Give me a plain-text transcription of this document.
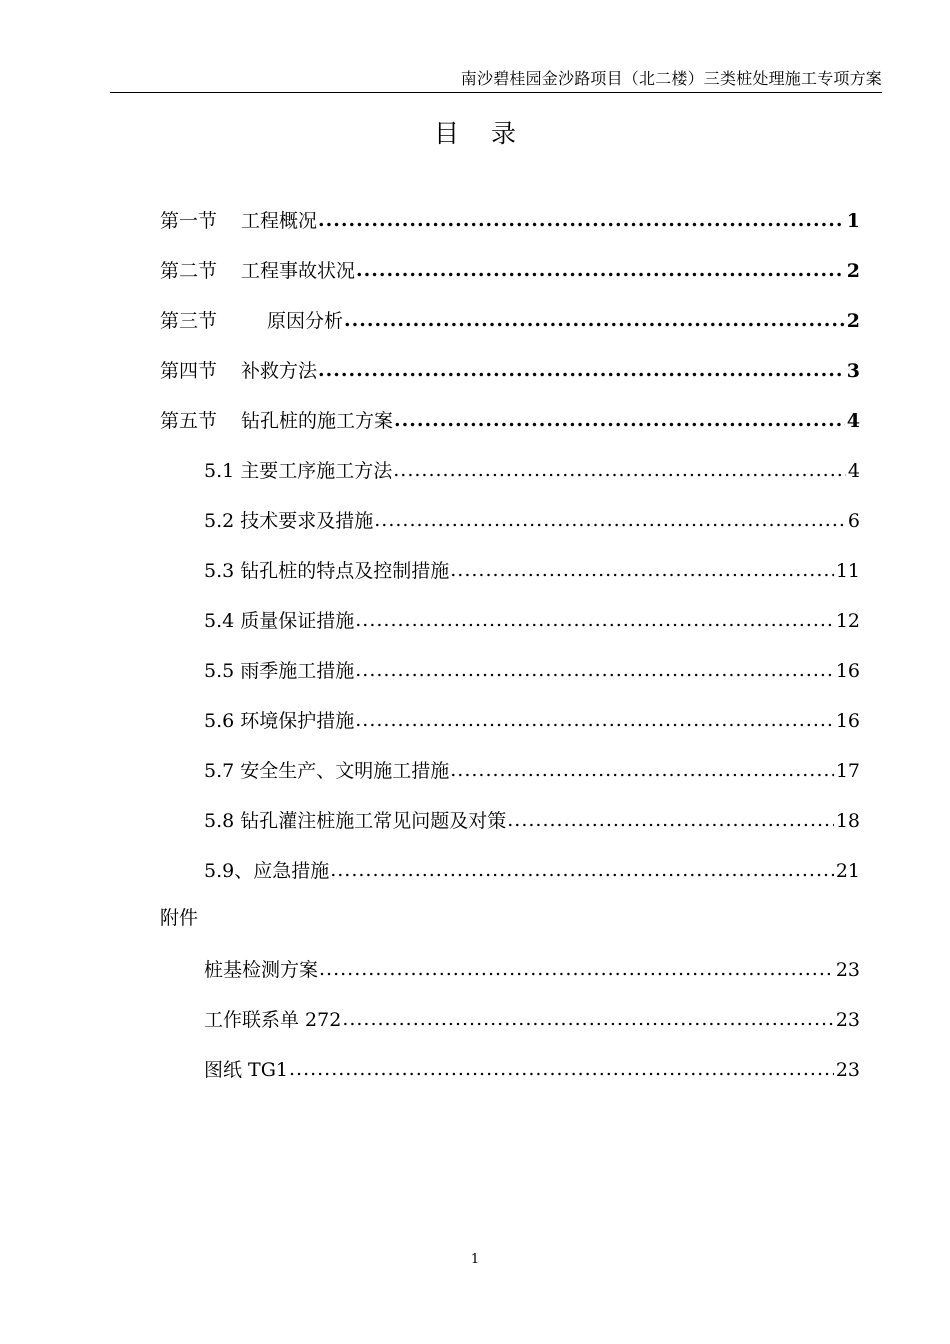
南沙碧桂园金沙路项目（北二楼）三类桩处理施工专项方案
目录
第一节 工程概况 .....	1
第二节 工程事故状况 .....	2
第三节	原因分析 .....	2
第四节 补救方法 .....	3
第五节 钻孔桩的施工方案 .....	4
5.1 主要工序施工方法 .....	4
5.2 技术要求及措施 .....	6
5.3 钻孔桩的特点及控制措施 .....	11
5.4 质量保证措施 .....	12
5.5 雨季施工措施 .....	16
5.6 环境保护措施 .....	16
5.7 安全生产、文明施工措施 .....	17
5.8 钻孔灌注桩施工常见问题及对策 .....	18
5.9、应急措施 .....	21
附件
桩基检测方案 .....	23
工作联系单 272 .....	23
图纸 TG1 .....	23
1
